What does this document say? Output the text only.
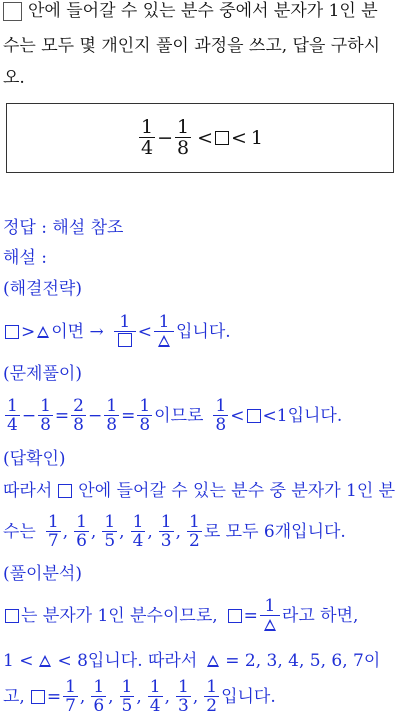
안에 들어갈 수 있는 분수 중에서 분자가 1인 분
수는 모두 몇 개인지 풀이 과정을 쓰고, 답을 구하시
오.
$\frac{1}{4} - \frac{1}{8}$ < < 1
정답 : 해설 참조
해설 :
(해결전략)
> 이면 → 1 < 1 입니다.
(문제풀이)
$\frac{1}{4} - \frac{1}{8} = \frac{2}{8} - \frac{1}{8} = \frac{1}{8}$ 이므로 $\frac{1}{8}$ < < 1입니다.
(답확인)
따라서 안에 들어갈 수 있는 분수 중 분자가 1인 분
수는 $\frac{1}{7}$ , $\frac{1}{6}$ , $\frac{1}{5}$ , $\frac{1}{4}$ , $\frac{1}{3}$ , $\frac{1}{2}$ 로 모두 6개입니다.
(풀이분석)
는 분자가 1인 분수이므로, = 1 라고 하면,
1 < < 8입니다. 따라서 = 2, 3, 4, 5, 6, 7이
고, = $\frac{1}{7}$ , $\frac{1}{6}$ , $\frac{1}{5}$ , $\frac{1}{4}$ , $\frac{1}{3}$ , $\frac{1}{2}$ 입니다.
